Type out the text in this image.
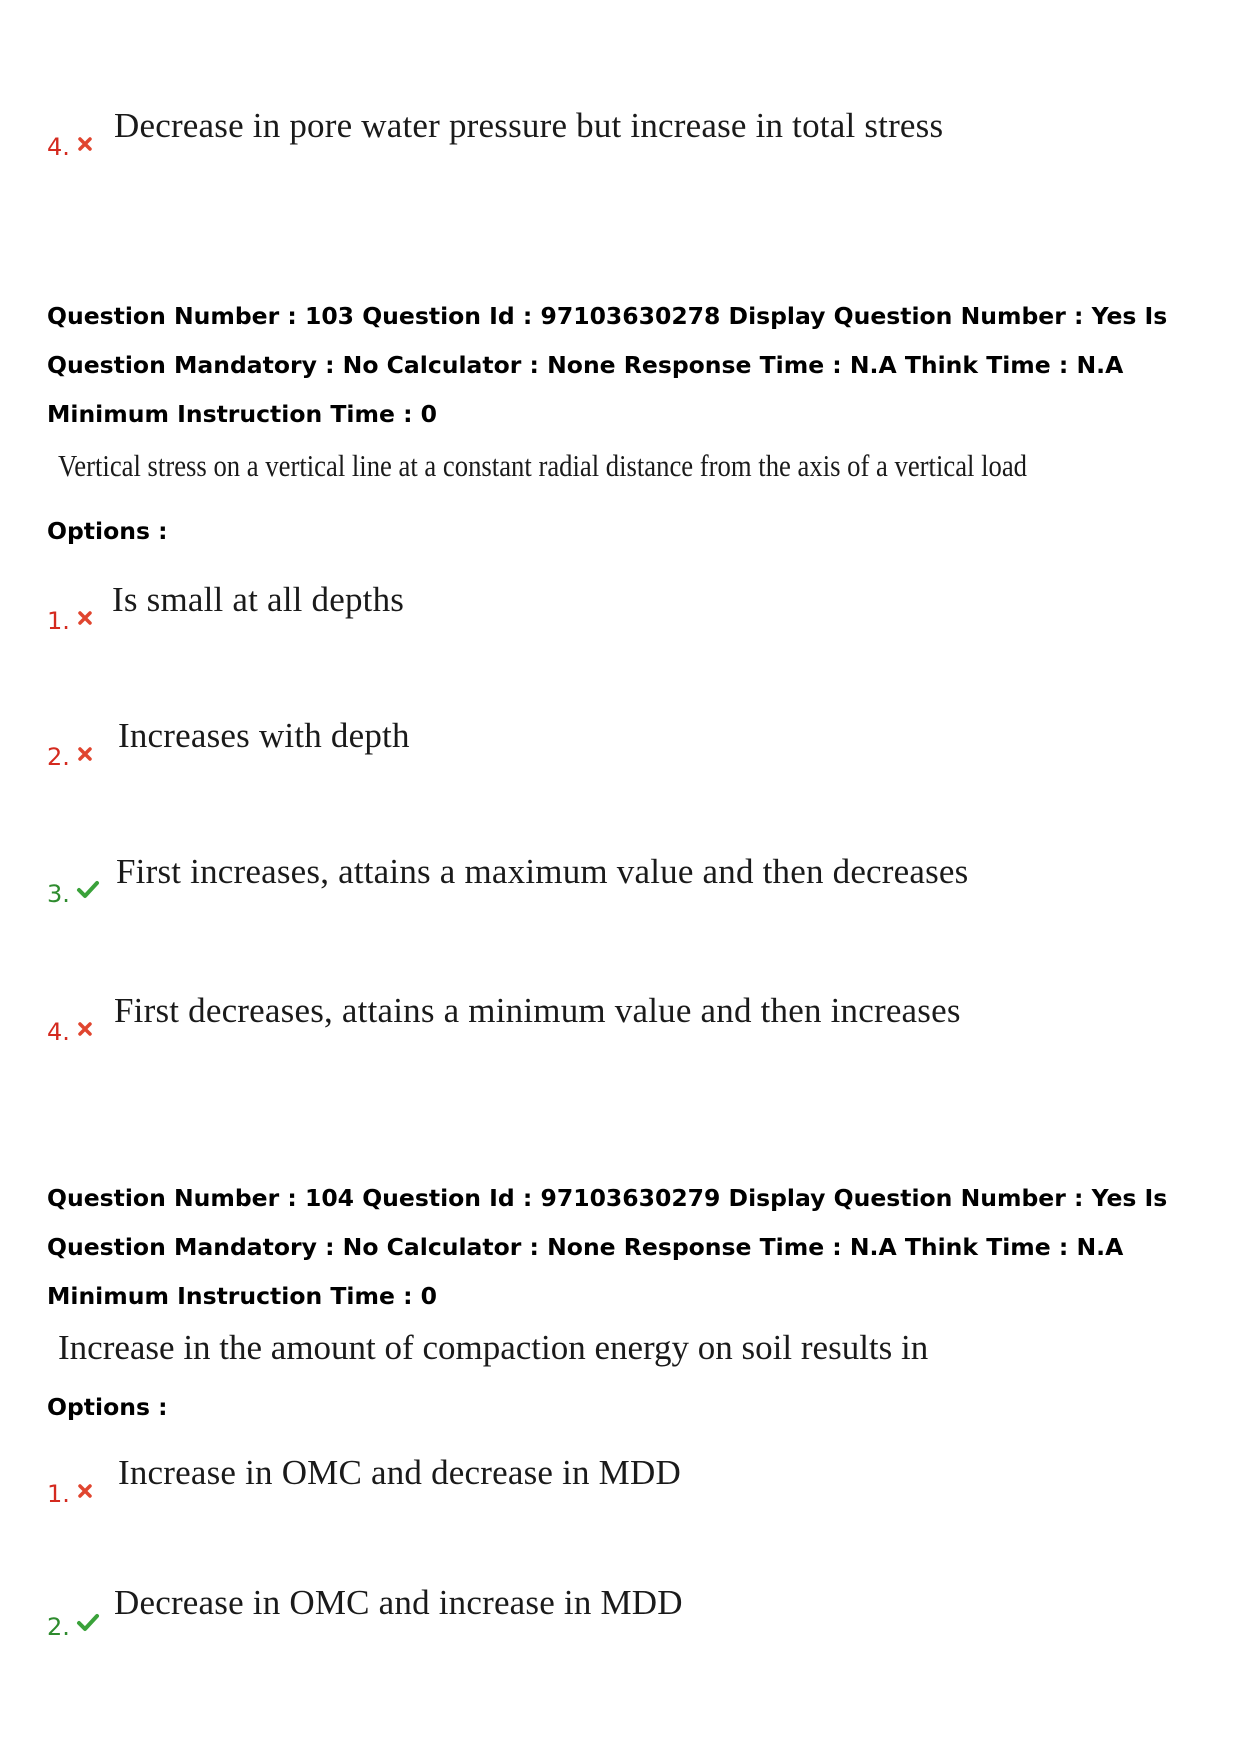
4.
Decrease in pore water pressure but increase in total stress
Question Number : 103 Question Id : 97103630278 Display Question Number : Yes Is Question Mandatory : No Calculator : None Response Time : N.A Think Time : N.A Minimum Instruction Time : 0
Vertical stress on a vertical line at a constant radial distance from the axis of a vertical load
Options :
1.
Is small at all depths
2.
Increases with depth
3.
First increases, attains a maximum value and then decreases
4.
First decreases, attains a minimum value and then increases
Question Number : 104 Question Id : 97103630279 Display Question Number : Yes Is Question Mandatory : No Calculator : None Response Time : N.A Think Time : N.A Minimum Instruction Time : 0
Increase in the amount of compaction energy on soil results in
Options :
1.
Increase in OMC and decrease in MDD
2.
Decrease in OMC and increase in MDD
